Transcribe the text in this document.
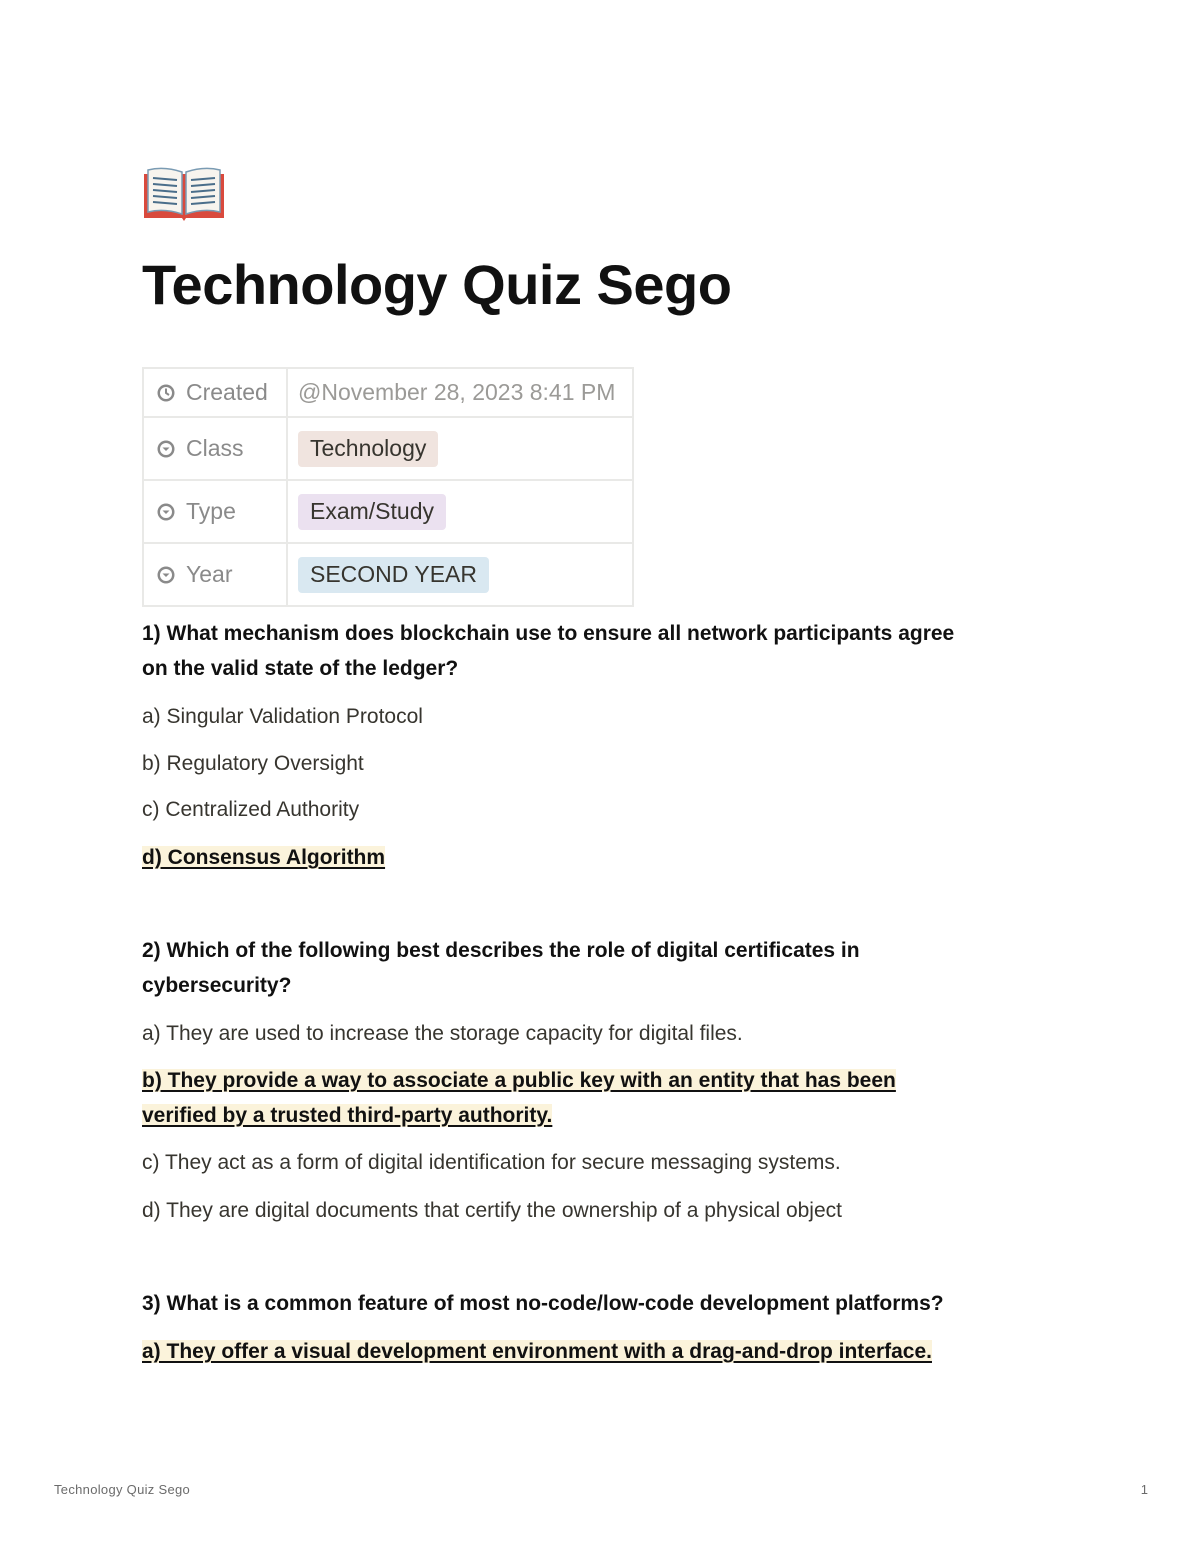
Technology Quiz Sego
Created	@November 28, 2023 8:41 PM

Class	Technology

Type	Exam/Study

Year	SECOND YEAR
1) What mechanism does blockchain use to ensure all network participants agree
on the valid state of the ledger?
a) Singular Validation Protocol
b) Regulatory Oversight
c) Centralized Authority
d) Consensus Algorithm
2) Which of the following best describes the role of digital certificates in
cybersecurity?
a) They are used to increase the storage capacity for digital files.
b) They provide a way to associate a public key with an entity that has been
verified by a trusted third-party authority.
c) They act as a form of digital identification for secure messaging systems.
d) They are digital documents that certify the ownership of a physical object
3) What is a common feature of most no-code/low-code development platforms?
a) They offer a visual development environment with a drag-and-drop interface.
Technology Quiz Sego	1
